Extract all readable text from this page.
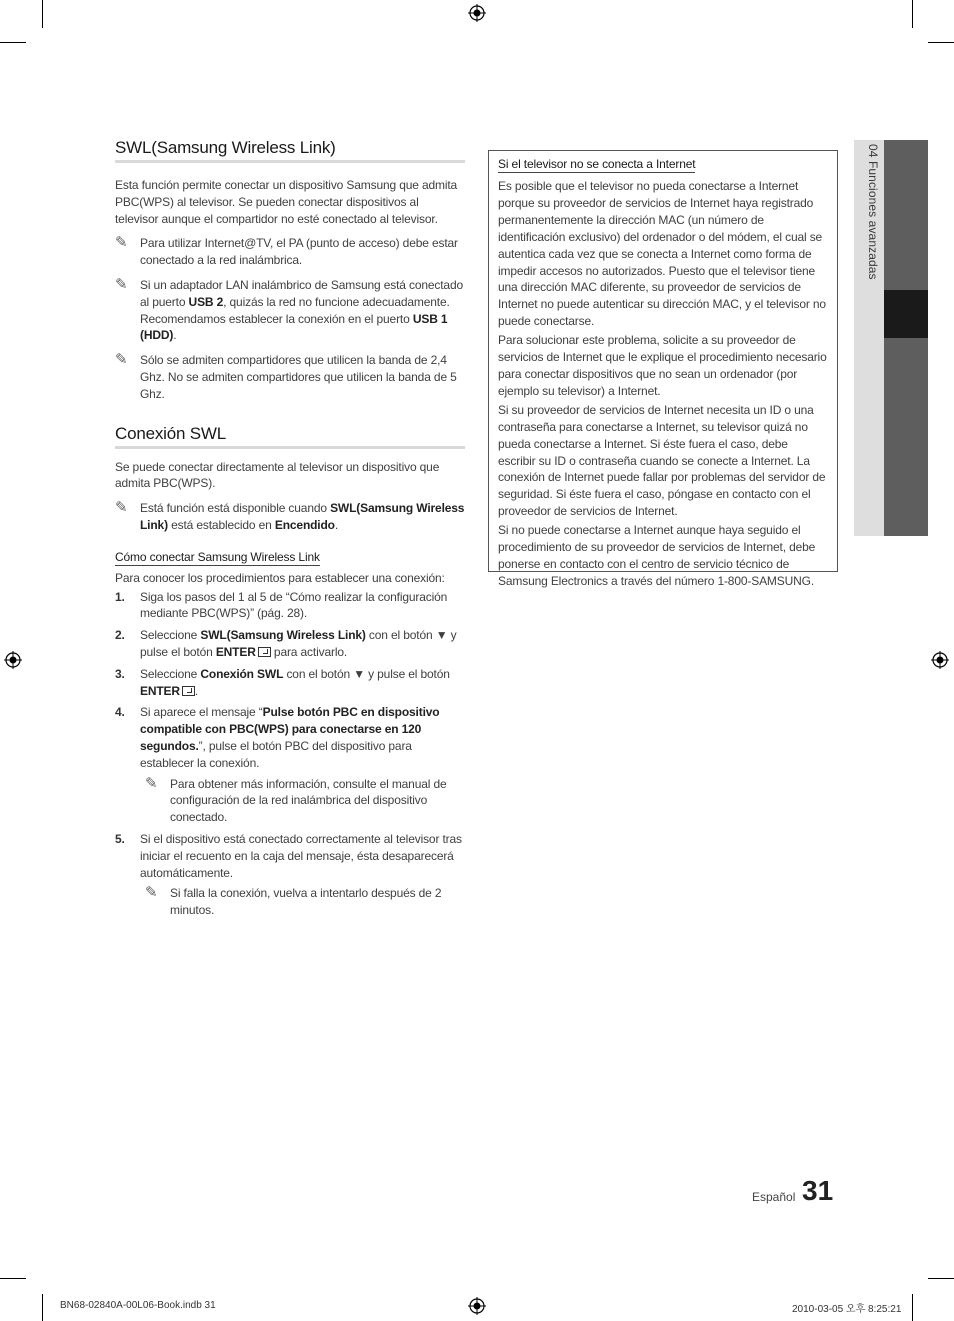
SWL(Samsung Wireless Link)

Esta función permite conectar un dispositivo Samsung que admita PBC(WPS) al televisor. Se pueden conectar dispositivos al televisor aunque el compartidor no esté conectado al televisor.

✎ Para utilizar Internet@TV, el PA (punto de acceso) debe estar conectado a la red inalámbrica.
✎ Si un adaptador LAN inalámbrico de Samsung está conectado al puerto USB 2, quizás la red no funcione adecuadamente. Recomendamos establecer la conexión en el puerto USB 1 (HDD).
✎ Sólo se admiten compartidores que utilicen la banda de 2,4 Ghz. No se admiten compartidores que utilicen la banda de 5 Ghz.
Conexión SWL

Se puede conectar directamente al televisor un dispositivo que admita PBC(WPS).

✎ Está función está disponible cuando SWL(Samsung Wireless Link) está establecido en Encendido.
Cómo conectar Samsung Wireless Link

Para conocer los procedimientos para establecer una conexión:

1. Siga los pasos del 1 al 5 de “Cómo realizar la configuración mediante PBC(WPS)” (pág. 28).
2. Seleccione SWL(Samsung Wireless Link) con el botón ▼ y pulse el botón ENTER para activarlo.
3. Seleccione Conexión SWL con el botón ▼ y pulse el botón ENTER .
4. Si aparece el mensaje “Pulse botón PBC en dispositivo compatible con PBC(WPS) para conectarse en 120 segundos.”, pulse el botón PBC del dispositivo para establecer la conexión.
✎ Para obtener más información, consulte el manual de configuración de la red inalámbrica del dispositivo conectado.
5. Si el dispositivo está conectado correctamente al televisor tras iniciar el recuento en la caja del mensaje, ésta desaparecerá automáticamente.
✎ Si falla la conexión, vuelva a intentarlo después de 2 minutos.
Si el televisor no se conecta a Internet

Es posible que el televisor no pueda conectarse a Internet porque su proveedor de servicios de Internet haya registrado permanentemente la dirección MAC (un número de identificación exclusivo) del ordenador o del módem, el cual se autentica cada vez que se conecta a Internet como forma de impedir accesos no autorizados. Puesto que el televisor tiene una dirección MAC diferente, su proveedor de servicios de Internet no puede autenticar su dirección MAC, y el televisor no puede conectarse.

Para solucionar este problema, solicite a su proveedor de servicios de Internet que le explique el procedimiento necesario para conectar dispositivos que no sean un ordenador (por ejemplo su televisor) a Internet.

Si su proveedor de servicios de Internet necesita un ID o una contraseña para conectarse a Internet, su televisor quizá no pueda conectarse a Internet. Si éste fuera el caso, debe escribir su ID o contraseña cuando se conecte a Internet. La conexión de Internet puede fallar por problemas del servidor de seguridad. Si éste fuera el caso, póngase en contacto con el proveedor de servicios de Internet.

Si no puede conectarse a Internet aunque haya seguido el procedimiento de su proveedor de servicios de Internet, debe ponerse en contacto con el centro de servicio técnico de Samsung Electronics a través del número 1-800-SAMSUNG.

04 Funciones avanzadas
Español 31
BN68-02840A-00L06-Book.indb 31	2010-03-05 오후 8:25:21
